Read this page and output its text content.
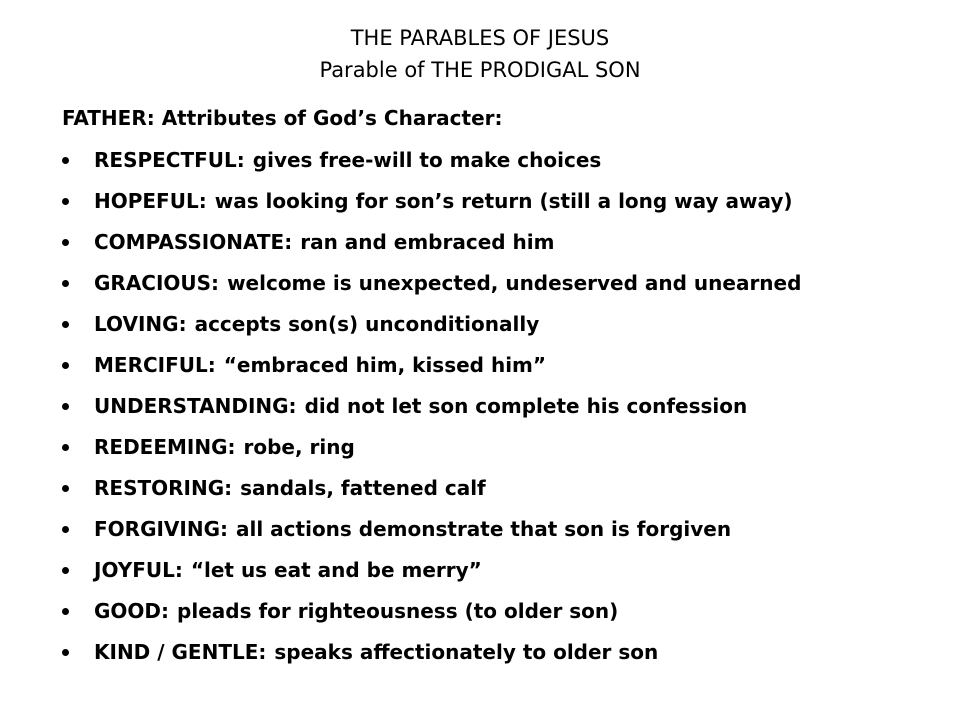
THE PARABLES OF JESUS
Parable of THE PRODIGAL SON
FATHER: Attributes of God’s Character:
RESPECTFUL: gives free-will to make choices
HOPEFUL: was looking for son’s return (still a long way away)
COMPASSIONATE: ran and embraced him
GRACIOUS: welcome is unexpected, undeserved and unearned
LOVING: accepts son(s) unconditionally
MERCIFUL: “embraced him, kissed him”
UNDERSTANDING: did not let son complete his confession
REDEEMING: robe, ring
RESTORING: sandals, fattened calf
FORGIVING: all actions demonstrate that son is forgiven
JOYFUL: “let us eat and be merry”
GOOD: pleads for righteousness (to older son)
KIND / GENTLE: speaks affectionately to older son
